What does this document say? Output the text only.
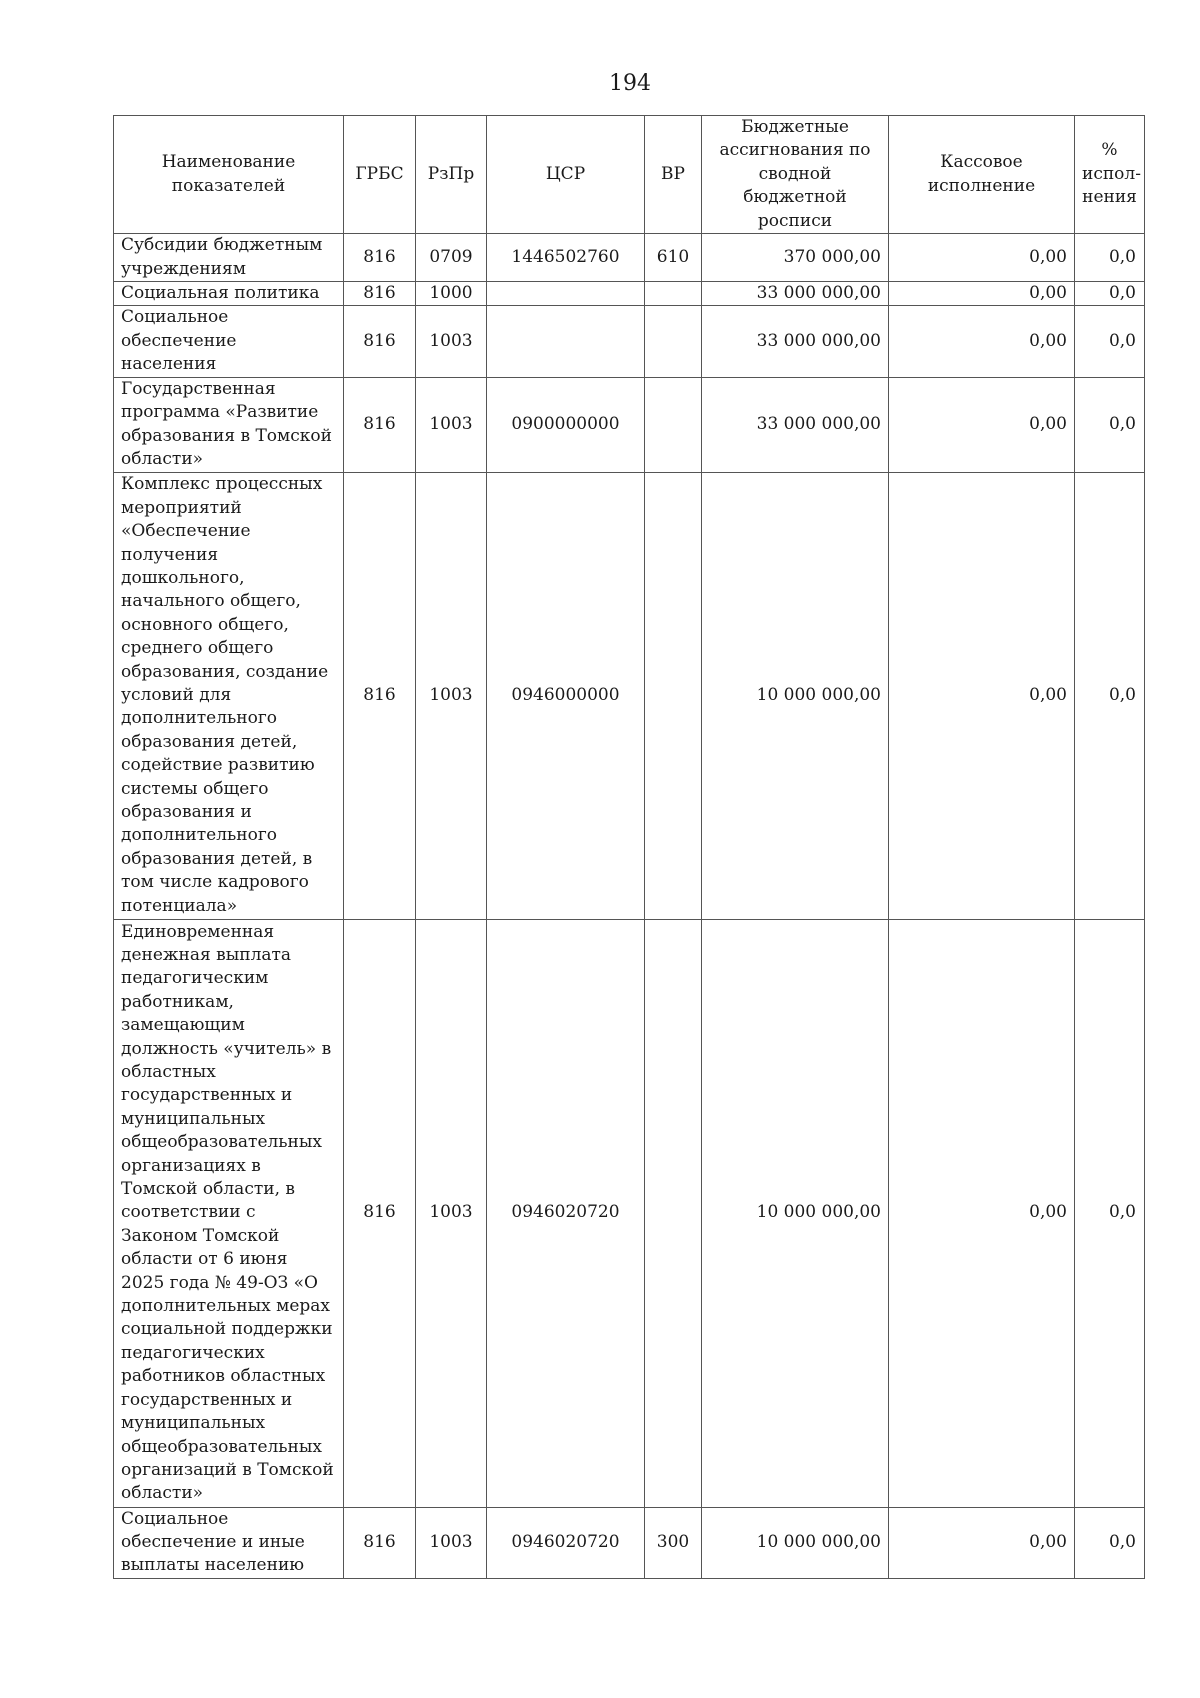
194
Наименование показателей	ГРБС	РзПр	ЦСР	ВР	Бюджетные ассигнования по сводной бюджетной росписи	Кассовое исполнение	% испол-нения
Субсидии бюджетным учреждениям	816	0709	1446502760	610	370 000,00	0,00	0,0
Социальная политика	816	1000			33 000 000,00	0,00	0,0
Социальное обеспечение населения	816	1003			33 000 000,00	0,00	0,0
Государственная программа «Развитие образования в Томской области»	816	1003	0900000000		33 000 000,00	0,00	0,0
Комплекс процессных мероприятий «Обеспечение получения дошкольного, начального общего, основного общего, среднего общего образования, создание условий для дополнительного образования детей, содействие развитию системы общего образования и дополнительного образования детей, в том числе кадрового потенциала»	816	1003	0946000000		10 000 000,00	0,00	0,0
Единовременная денежная выплата педагогическим работникам, замещающим должность «учитель» в областных государственных и муниципальных общеобразовательных организациях в Томской области, в соответствии с Законом Томской области от 6 июня 2025 года № 49-ОЗ «О дополнительных мерах социальной поддержки педагогических работников областных государственных и муниципальных общеобразовательных организаций в Томской области»	816	1003	0946020720		10 000 000,00	0,00	0,0
Социальное обеспечение и иные выплаты населению	816	1003	0946020720	300	10 000 000,00	0,00	0,0
